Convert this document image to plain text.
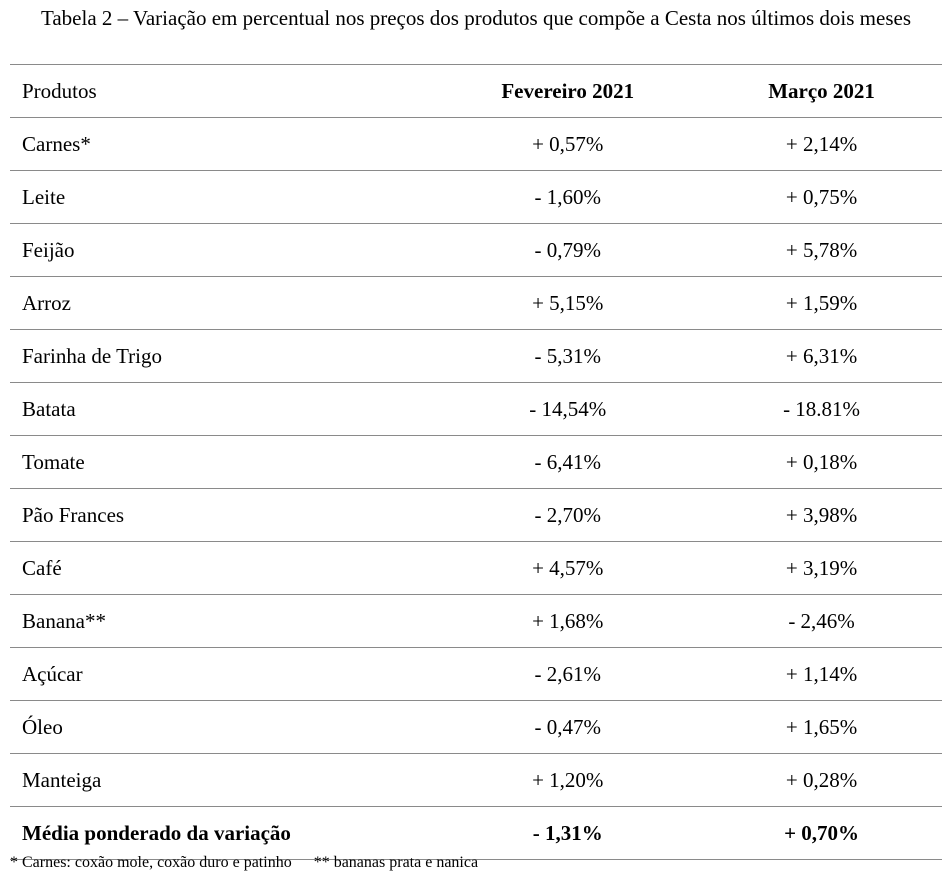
Tabela 2 – Variação em percentual nos preços dos produtos que compõe a Cesta nos últimos dois meses
Produtos	Fevereiro 2021	Março 2021
Carnes*	+ 0,57%	+ 2,14%
Leite	- 1,60%	+ 0,75%
Feijão	- 0,79%	+ 5,78%
Arroz	+ 5,15%	+ 1,59%
Farinha de Trigo	- 5,31%	+ 6,31%
Batata	- 14,54%	- 18.81%
Tomate	- 6,41%	+ 0,18%
Pão Frances	- 2,70%	+ 3,98%
Café	+ 4,57%	+ 3,19%
Banana**	+ 1,68%	- 2,46%
Açúcar	- 2,61%	+ 1,14%
Óleo	- 0,47%	+ 1,65%
Manteiga	+ 1,20%	+ 0,28%
Média ponderado da variação	- 1,31%	+ 0,70%
* Carnes: coxão mole, coxão duro e patinho ** bananas prata e nanica
